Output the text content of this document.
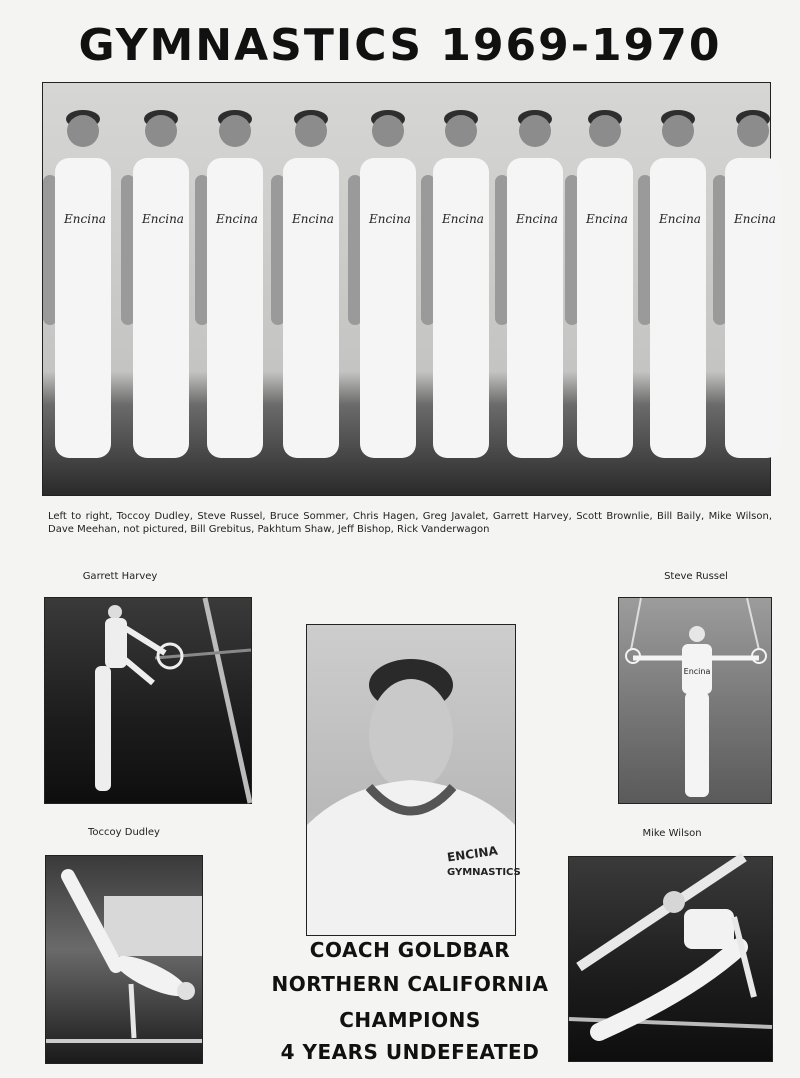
GYMNASTICS 1969-1970
Encina	Encina	Encina	Encina	Encina	Encina	Encina Encina	Encina	Encina
Left to right, Toccoy Dudley, Steve Russel, Bruce Sommer, Chris Hagen, Greg Javalet, Garrett Harvey, Scott Brownlie, Bill Baily, Mike Wilson, Dave Meehan, not pictured, Bill Grebitus, Pakhtum Shaw, Jeff Bishop, Rick Vanderwagon
Garrett Harvey	Steve Russel
Encina
ENCINA
GYMNASTICS
COACH GOLDBAR
NORTHERN CALIFORNIA
CHAMPIONS
4 YEARS UNDEFEATED
Toccoy Dudley	Mike Wilson
